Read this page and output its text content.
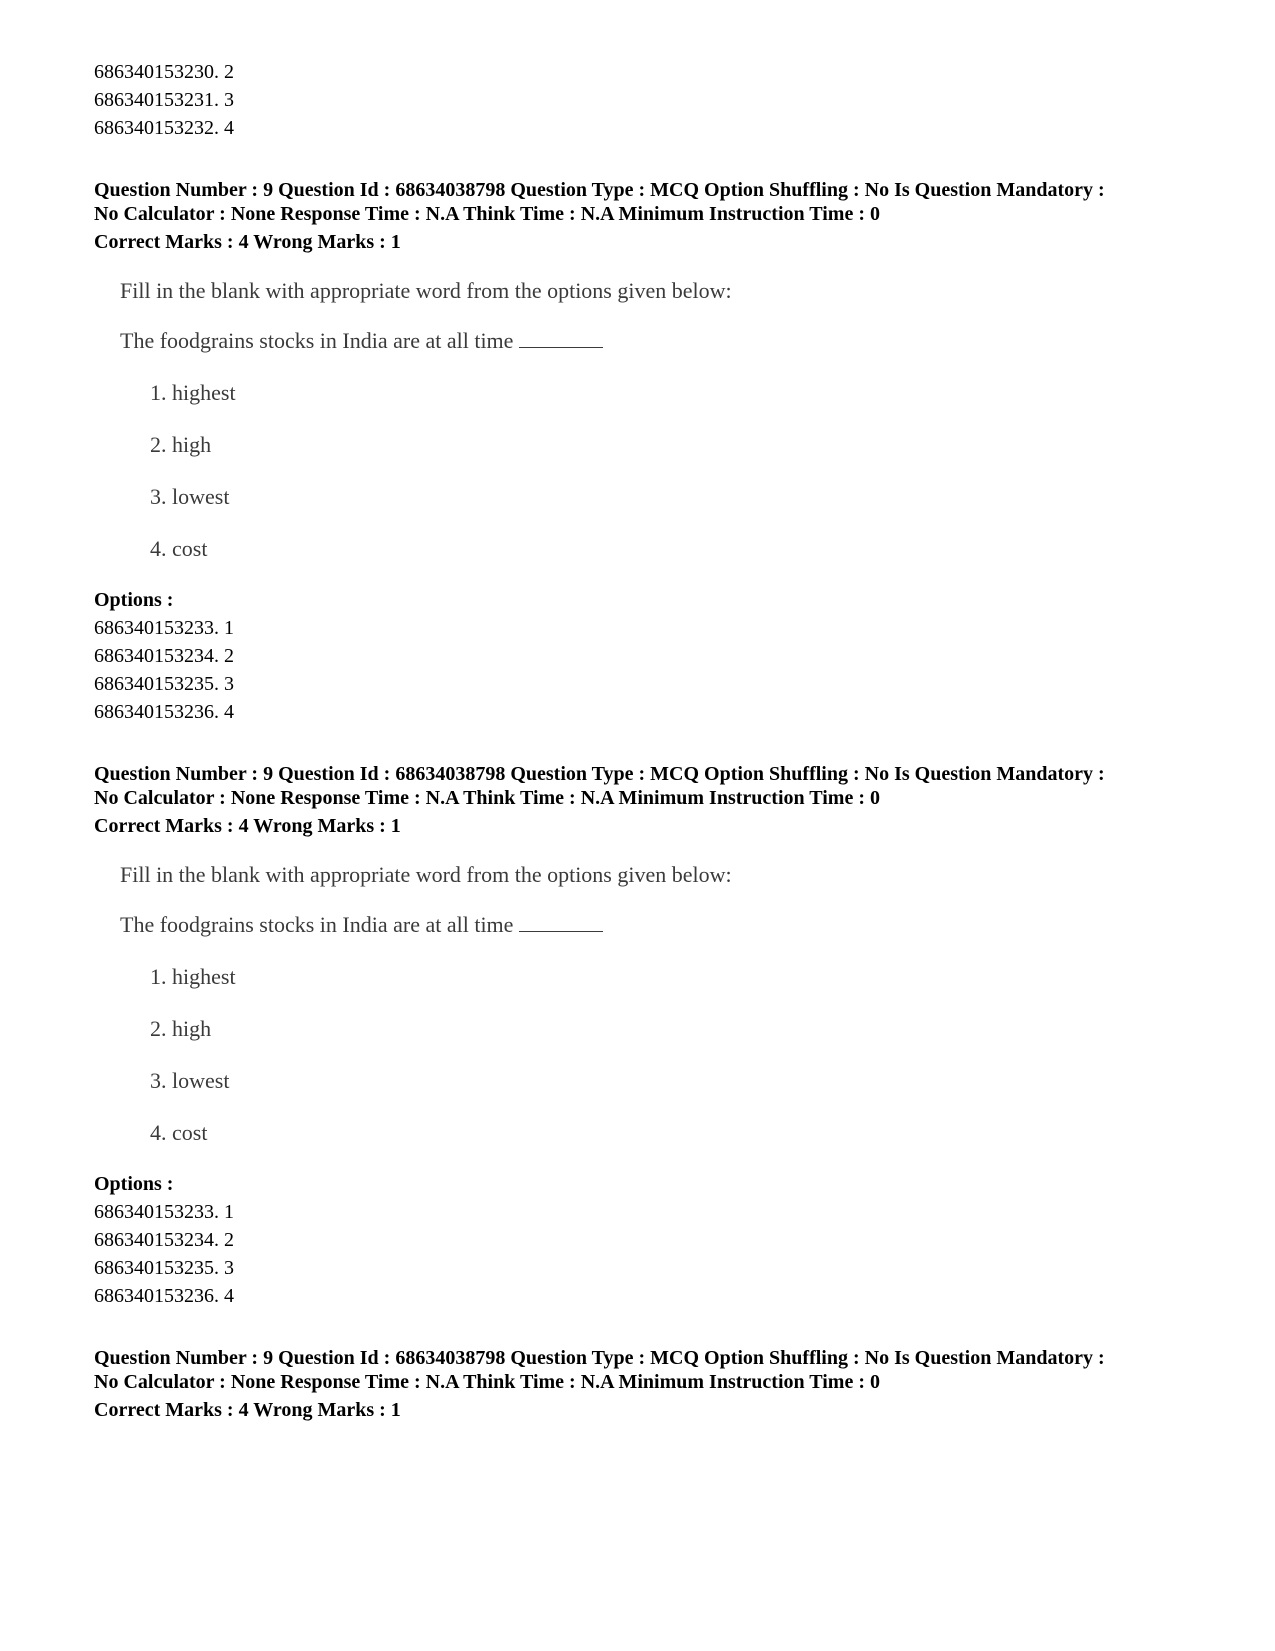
686340153230. 2
686340153231. 3
686340153232. 4
Question Number : 9 Question Id : 68634038798 Question Type : MCQ Option Shuffling : No Is Question Mandatory :
No Calculator : None Response Time : N.A Think Time : N.A Minimum Instruction Time : 0
Correct Marks : 4 Wrong Marks : 1
Fill in the blank with appropriate word from the options given below:
The foodgrains stocks in India are at all time
1. highest
2. high
3. lowest
4. cost
Options :
686340153233. 1
686340153234. 2
686340153235. 3
686340153236. 4
Question Number : 9 Question Id : 68634038798 Question Type : MCQ Option Shuffling : No Is Question Mandatory :
No Calculator : None Response Time : N.A Think Time : N.A Minimum Instruction Time : 0
Correct Marks : 4 Wrong Marks : 1
Fill in the blank with appropriate word from the options given below:
The foodgrains stocks in India are at all time
1. highest
2. high
3. lowest
4. cost
Options :
686340153233. 1
686340153234. 2
686340153235. 3
686340153236. 4
Question Number : 9 Question Id : 68634038798 Question Type : MCQ Option Shuffling : No Is Question Mandatory :
No Calculator : None Response Time : N.A Think Time : N.A Minimum Instruction Time : 0
Correct Marks : 4 Wrong Marks : 1
